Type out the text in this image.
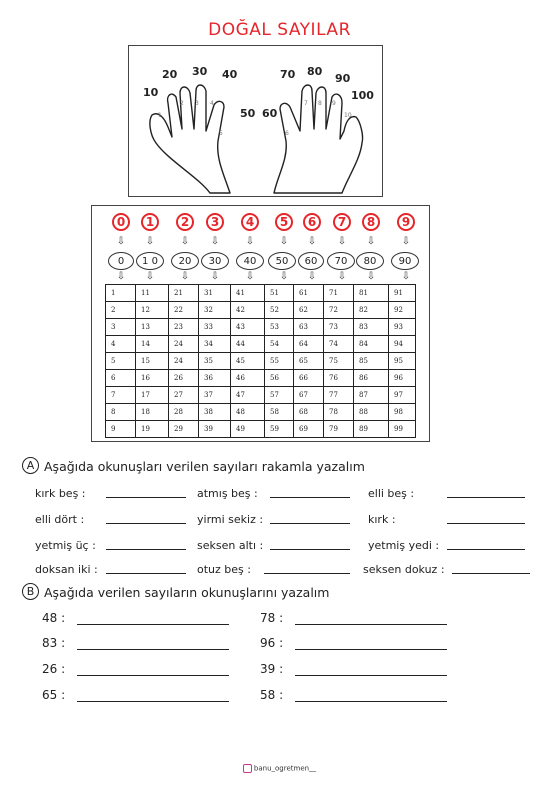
DOĞAL SAYILAR
10
20 30 40
50 60
70 80
90
100
1
2 3 4
5	6
7 8 9
10
0	1	2	3	4	5	6	7	8	9
⇩ ⇩	⇩ ⇩	⇩	⇩ ⇩ ⇩ ⇩	⇩
0	1 0	20	30	40	50	60	70	80	90
⇩ ⇩	⇩ ⇩	⇩	⇩ ⇩ ⇩ ⇩	⇩
1	11	21	31	41	51	61	71	81	91
2	12	22	32	42	52	62	72	82	92
3	13	23	33	43	53	63	73	83	93
4	14	24	34	44	54	64	74	84	94
5	15	24	35	45	55	65	75	85	95
6	16	26	36	46	56	66	76	86	96
7	17	27	37	47	57	67	77	87	97
8	18	28	38	48	58	68	78	88	98
9	19	29	39	49	59	69	79	89	99
A Aşağıda okunuşları verilen sayıları rakamla yazalım
kırk beş :	atmış beş :	elli beş :
elli dört :	yirmi sekiz :	kırk :
yetmiş üç :	seksen altı :	yetmiş yedi :
doksan iki :	otuz beş :	seksen dokuz :
B Aşağıda verilen sayıların okunuşlarını yazalım
48 :	78 :
83 :	96 :
26 :	39 :
65 :	58 :
banu_ogretmen__
